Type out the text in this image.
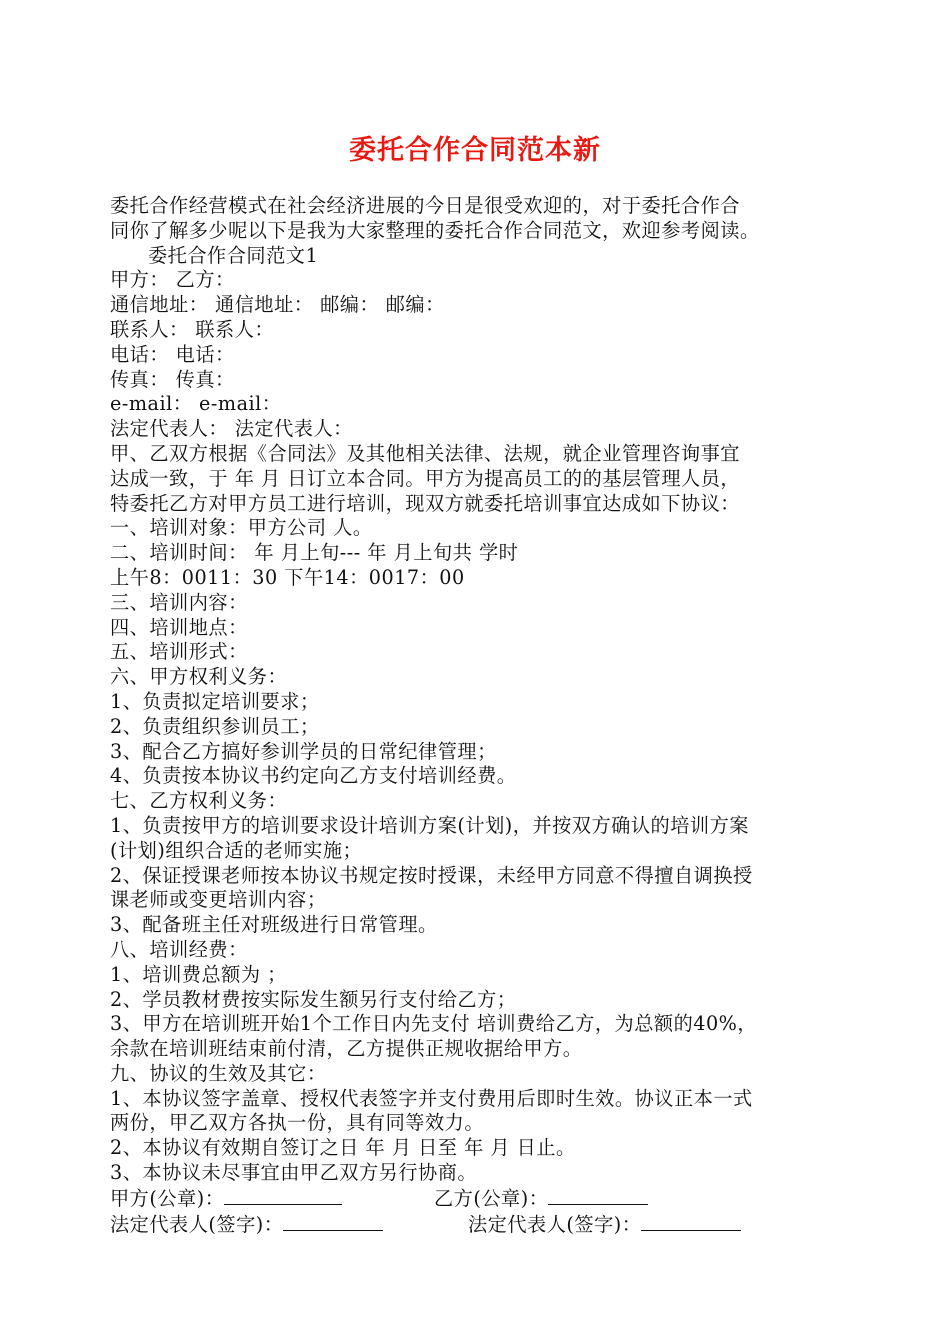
委托合作合同范本新
委托合作经营模式在社会经济进展的今日是很受欢迎的，对于委托合作合
同你了解多少呢以下是我为大家整理的委托合作合同范文，欢迎参考阅读。
委托合作合同范文1
甲方： 乙方：
通信地址： 通信地址： 邮编： 邮编：
联系人： 联系人：
电话： 电话：
传真： 传真：
e-mail： e-mail：
法定代表人： 法定代表人：
甲、乙双方根据《合同法》及其他相关法律、法规，就企业管理咨询事宜
达成一致，于 年 月 日订立本合同。甲方为提高员工的的基层管理人员，
特委托乙方对甲方员工进行培训，现双方就委托培训事宜达成如下协议：
一、培训对象：甲方公司 人。
二、培训时间： 年 月上旬--- 年 月上旬共 学时
上午8：0011：30 下午14：0017：00
三、培训内容：
四、培训地点：
五、培训形式：
六、甲方权利义务：
1、负责拟定培训要求；
2、负责组织参训员工；
3、配合乙方搞好参训学员的日常纪律管理；
4、负责按本协议书约定向乙方支付培训经费。
七、乙方权利义务：
1、负责按甲方的培训要求设计培训方案(计划)，并按双方确认的培训方案
(计划)组织合适的老师实施；
2、保证授课老师按本协议书规定按时授课，未经甲方同意不得擅自调换授
课老师或变更培训内容；
3、配备班主任对班级进行日常管理。
八、培训经费：
1、培训费总额为 ；
2、学员教材费按实际发生额另行支付给乙方；
3、甲方在培训班开始1个工作日内先支付 培训费给乙方，为总额的40%，
余款在培训班结束前付清，乙方提供正规收据给甲方。
九、协议的生效及其它：
1、本协议签字盖章、授权代表签字并支付费用后即时生效。协议正本一式
两份，甲乙双方各执一份，具有同等效力。
2、本协议有效期自签订之日 年 月 日至 年 月 日止。
3、本协议未尽事宜由甲乙双方另行协商。
甲方(公章)：	乙方(公章)：
法定代表人(签字)：	法定代表人(签字)：
